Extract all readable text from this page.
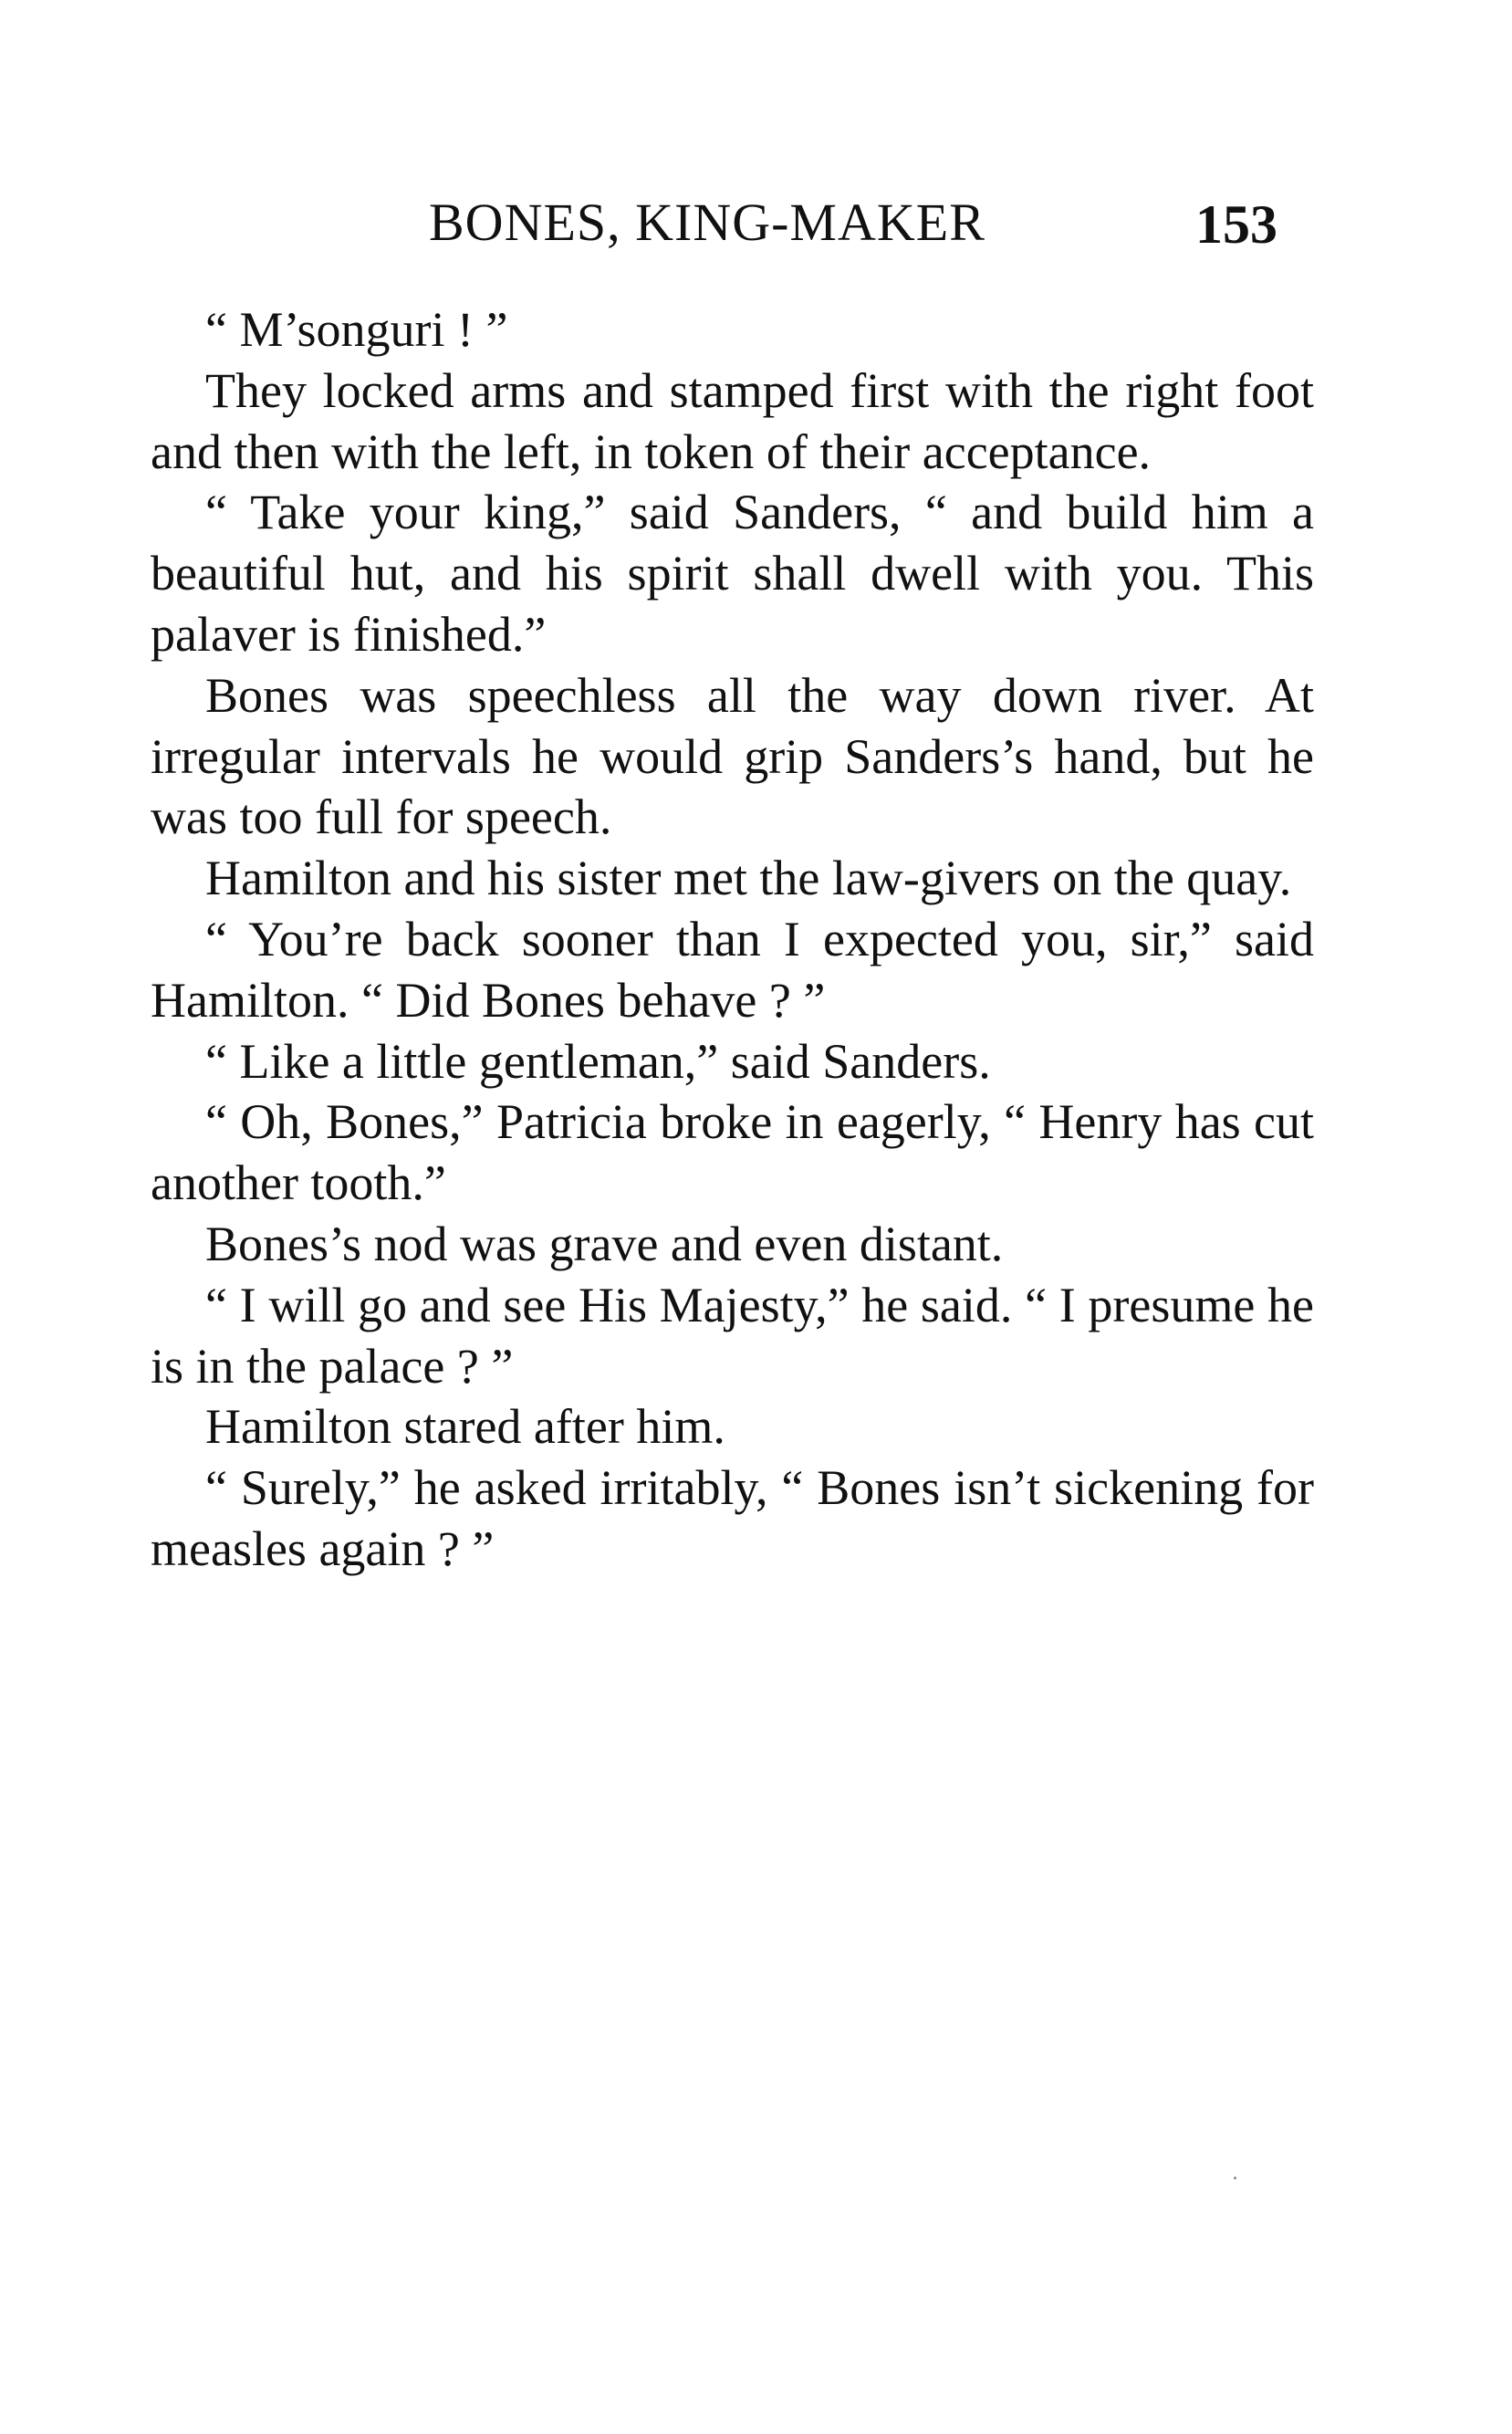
BONES, KING-MAKER	153

“ M’songuri ! ”

They locked arms and stamped first with the right foot and then with the left, in token of their acceptance.

“ Take your king,” said Sanders, “ and build him a beautiful hut, and his spirit shall dwell with you. This palaver is finished.”

Bones was speechless all the way down river. At irregular intervals he would grip Sanders’s hand, but he was too full for speech.

Hamilton and his sister met the law-givers on the quay.

“ You’re back sooner than I expected you, sir,” said Hamilton. “ Did Bones behave ? ”

“ Like a little gentleman,” said Sanders.

“ Oh, Bones,” Patricia broke in eagerly, “ Henry has cut another tooth.”

Bones’s nod was grave and even distant.

“ I will go and see His Majesty,” he said. “ I presume he is in the palace ? ”

Hamilton stared after him.

“ Surely,” he asked irritably, “ Bones isn’t sickening for measles again ? ”
